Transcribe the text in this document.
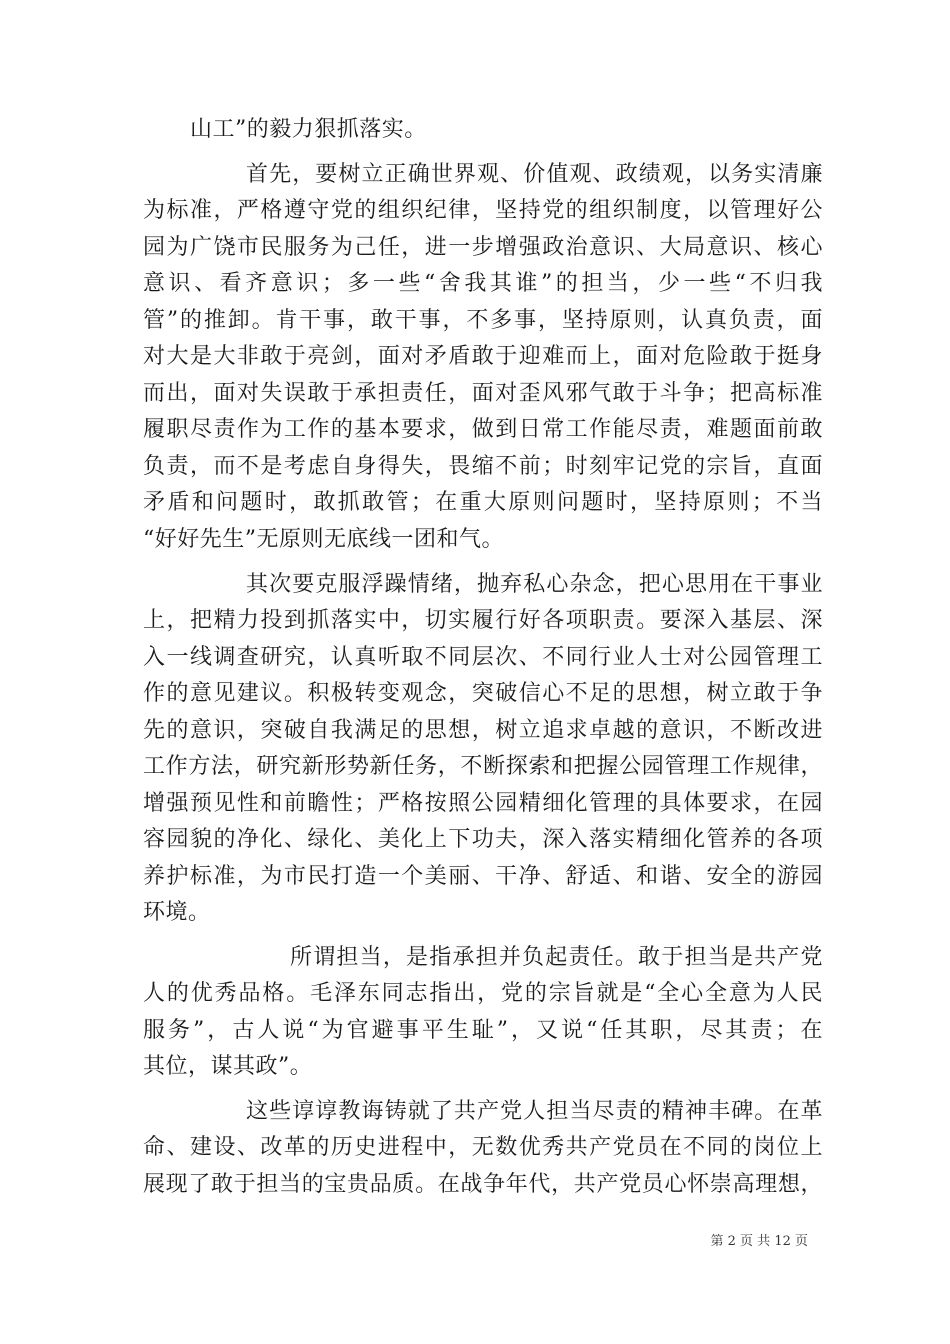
山工”的毅力狠抓落实。
首先，要树立正确世界观、价值观、政绩观，以务实清廉
为标准，严格遵守党的组织纪律，坚持党的组织制度，以管理好公
园为广饶市民服务为己任，进一步增强政治意识、大局意识、核心
意识、看齐意识；多一些“舍我其谁”的担当，少一些“不归我
管”的推卸。肯干事，敢干事，不多事，坚持原则，认真负责，面
对大是大非敢于亮剑，面对矛盾敢于迎难而上，面对危险敢于挺身
而出，面对失误敢于承担责任，面对歪风邪气敢于斗争；把高标准
履职尽责作为工作的基本要求，做到日常工作能尽责，难题面前敢
负责，而不是考虑自身得失，畏缩不前；时刻牢记党的宗旨，直面
矛盾和问题时，敢抓敢管；在重大原则问题时，坚持原则；不当
“好好先生”无原则无底线一团和气。
其次要克服浮躁情绪，抛弃私心杂念，把心思用在干事业
上，把精力投到抓落实中，切实履行好各项职责。要深入基层、深
入一线调查研究，认真听取不同层次、不同行业人士对公园管理工
作的意见建议。积极转变观念，突破信心不足的思想，树立敢于争
先的意识，突破自我满足的思想，树立追求卓越的意识，不断改进
工作方法，研究新形势新任务，不断探索和把握公园管理工作规律，
增强预见性和前瞻性；严格按照公园精细化管理的具体要求，在园
容园貌的净化、绿化、美化上下功夫，深入落实精细化管养的各项
养护标准，为市民打造一个美丽、干净、舒适、和谐、安全的游园
环境。
所谓担当，是指承担并负起责任。敢于担当是共产党
人的优秀品格。毛泽东同志指出，党的宗旨就是“全心全意为人民
服务”，古人说“为官避事平生耻”，又说“任其职，尽其责；在
其位，谋其政”。
这些谆谆教诲铸就了共产党人担当尽责的精神丰碑。在革
命、建设、改革的历史进程中，无数优秀共产党员在不同的岗位上
展现了敢于担当的宝贵品质。在战争年代，共产党员心怀崇高理想，
第 2 页 共 12 页
